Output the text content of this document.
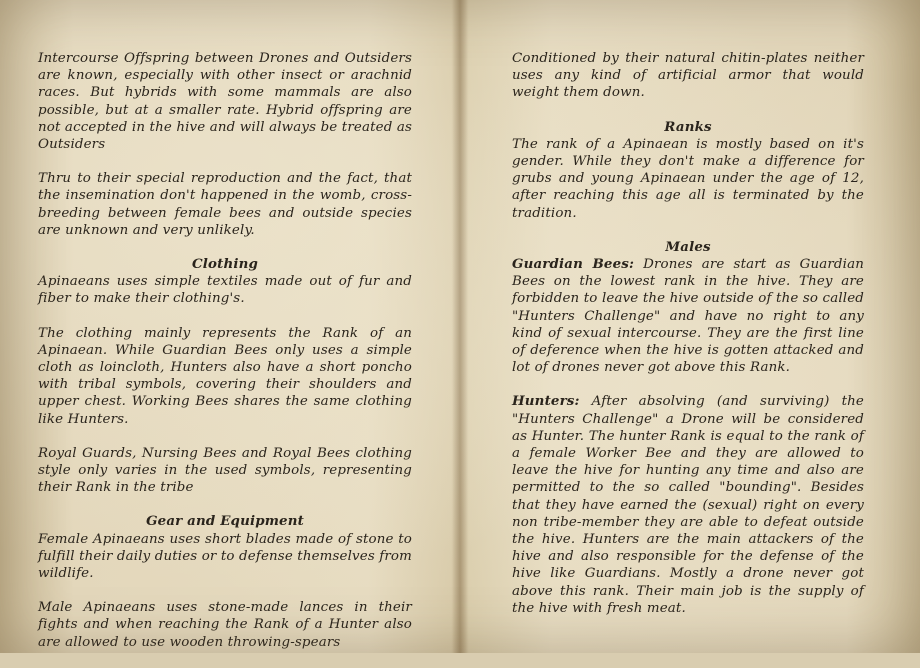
Intercourse Offspring between Drones and Outsiders are known, especially with other insect or arachnid races. But hybrids with some mammals are also possible, but at a smaller rate. Hybrid offspring are not accepted in the hive and will always be treated as Outsiders

Thru to their special reproduction and the fact, that the insemination don't happened in the womb, cross-breeding between female bees and outside species are unknown and very unlikely.

Clothing

Apinaeans uses simple textiles made out of fur and fiber to make their clothing's.

The clothing mainly represents the Rank of an Apinaean. While Guardian Bees only uses a simple cloth as loincloth, Hunters also have a short poncho with tribal symbols, covering their shoulders and upper chest. Working Bees shares the same clothing like Hunters.

Royal Guards, Nursing Bees and Royal Bees clothing style only varies in the used symbols, representing their Rank in the tribe

Gear and Equipment

Female Apinaeans uses short blades made of stone to fulfill their daily duties or to defense themselves from wildlife.

Male Apinaeans uses stone-made lances in their fights and when reaching the Rank of a Hunter also are allowed to use wooden throwing-spears

Conditioned by their natural chitin-plates neither uses any kind of artificial armor that would weight them down.

Ranks

The rank of a Apinaean is mostly based on it's gender. While they don't make a difference for grubs and young Apinaean under the age of 12, after reaching this age all is terminated by the tradition.

Males

Guardian Bees: Drones are start as Guardian Bees on the lowest rank in the hive. They are forbidden to leave the hive outside of the so called "Hunters Challenge" and have no right to any kind of sexual intercourse. They are the first line of deference when the hive is gotten attacked and lot of drones never got above this Rank.

Hunters: After absolving (and surviving) the "Hunters Challenge" a Drone will be considered as Hunter. The hunter Rank is equal to the rank of a female Worker Bee and they are allowed to leave the hive for hunting any time and also are permitted to the so called "bounding". Besides that they have earned the (sexual) right on every non tribe-member they are able to defeat outside the hive. Hunters are the main attackers of the hive and also responsible for the defense of the hive like Guardians. Mostly a drone never got above this rank. Their main job is the supply of the hive with fresh meat.
